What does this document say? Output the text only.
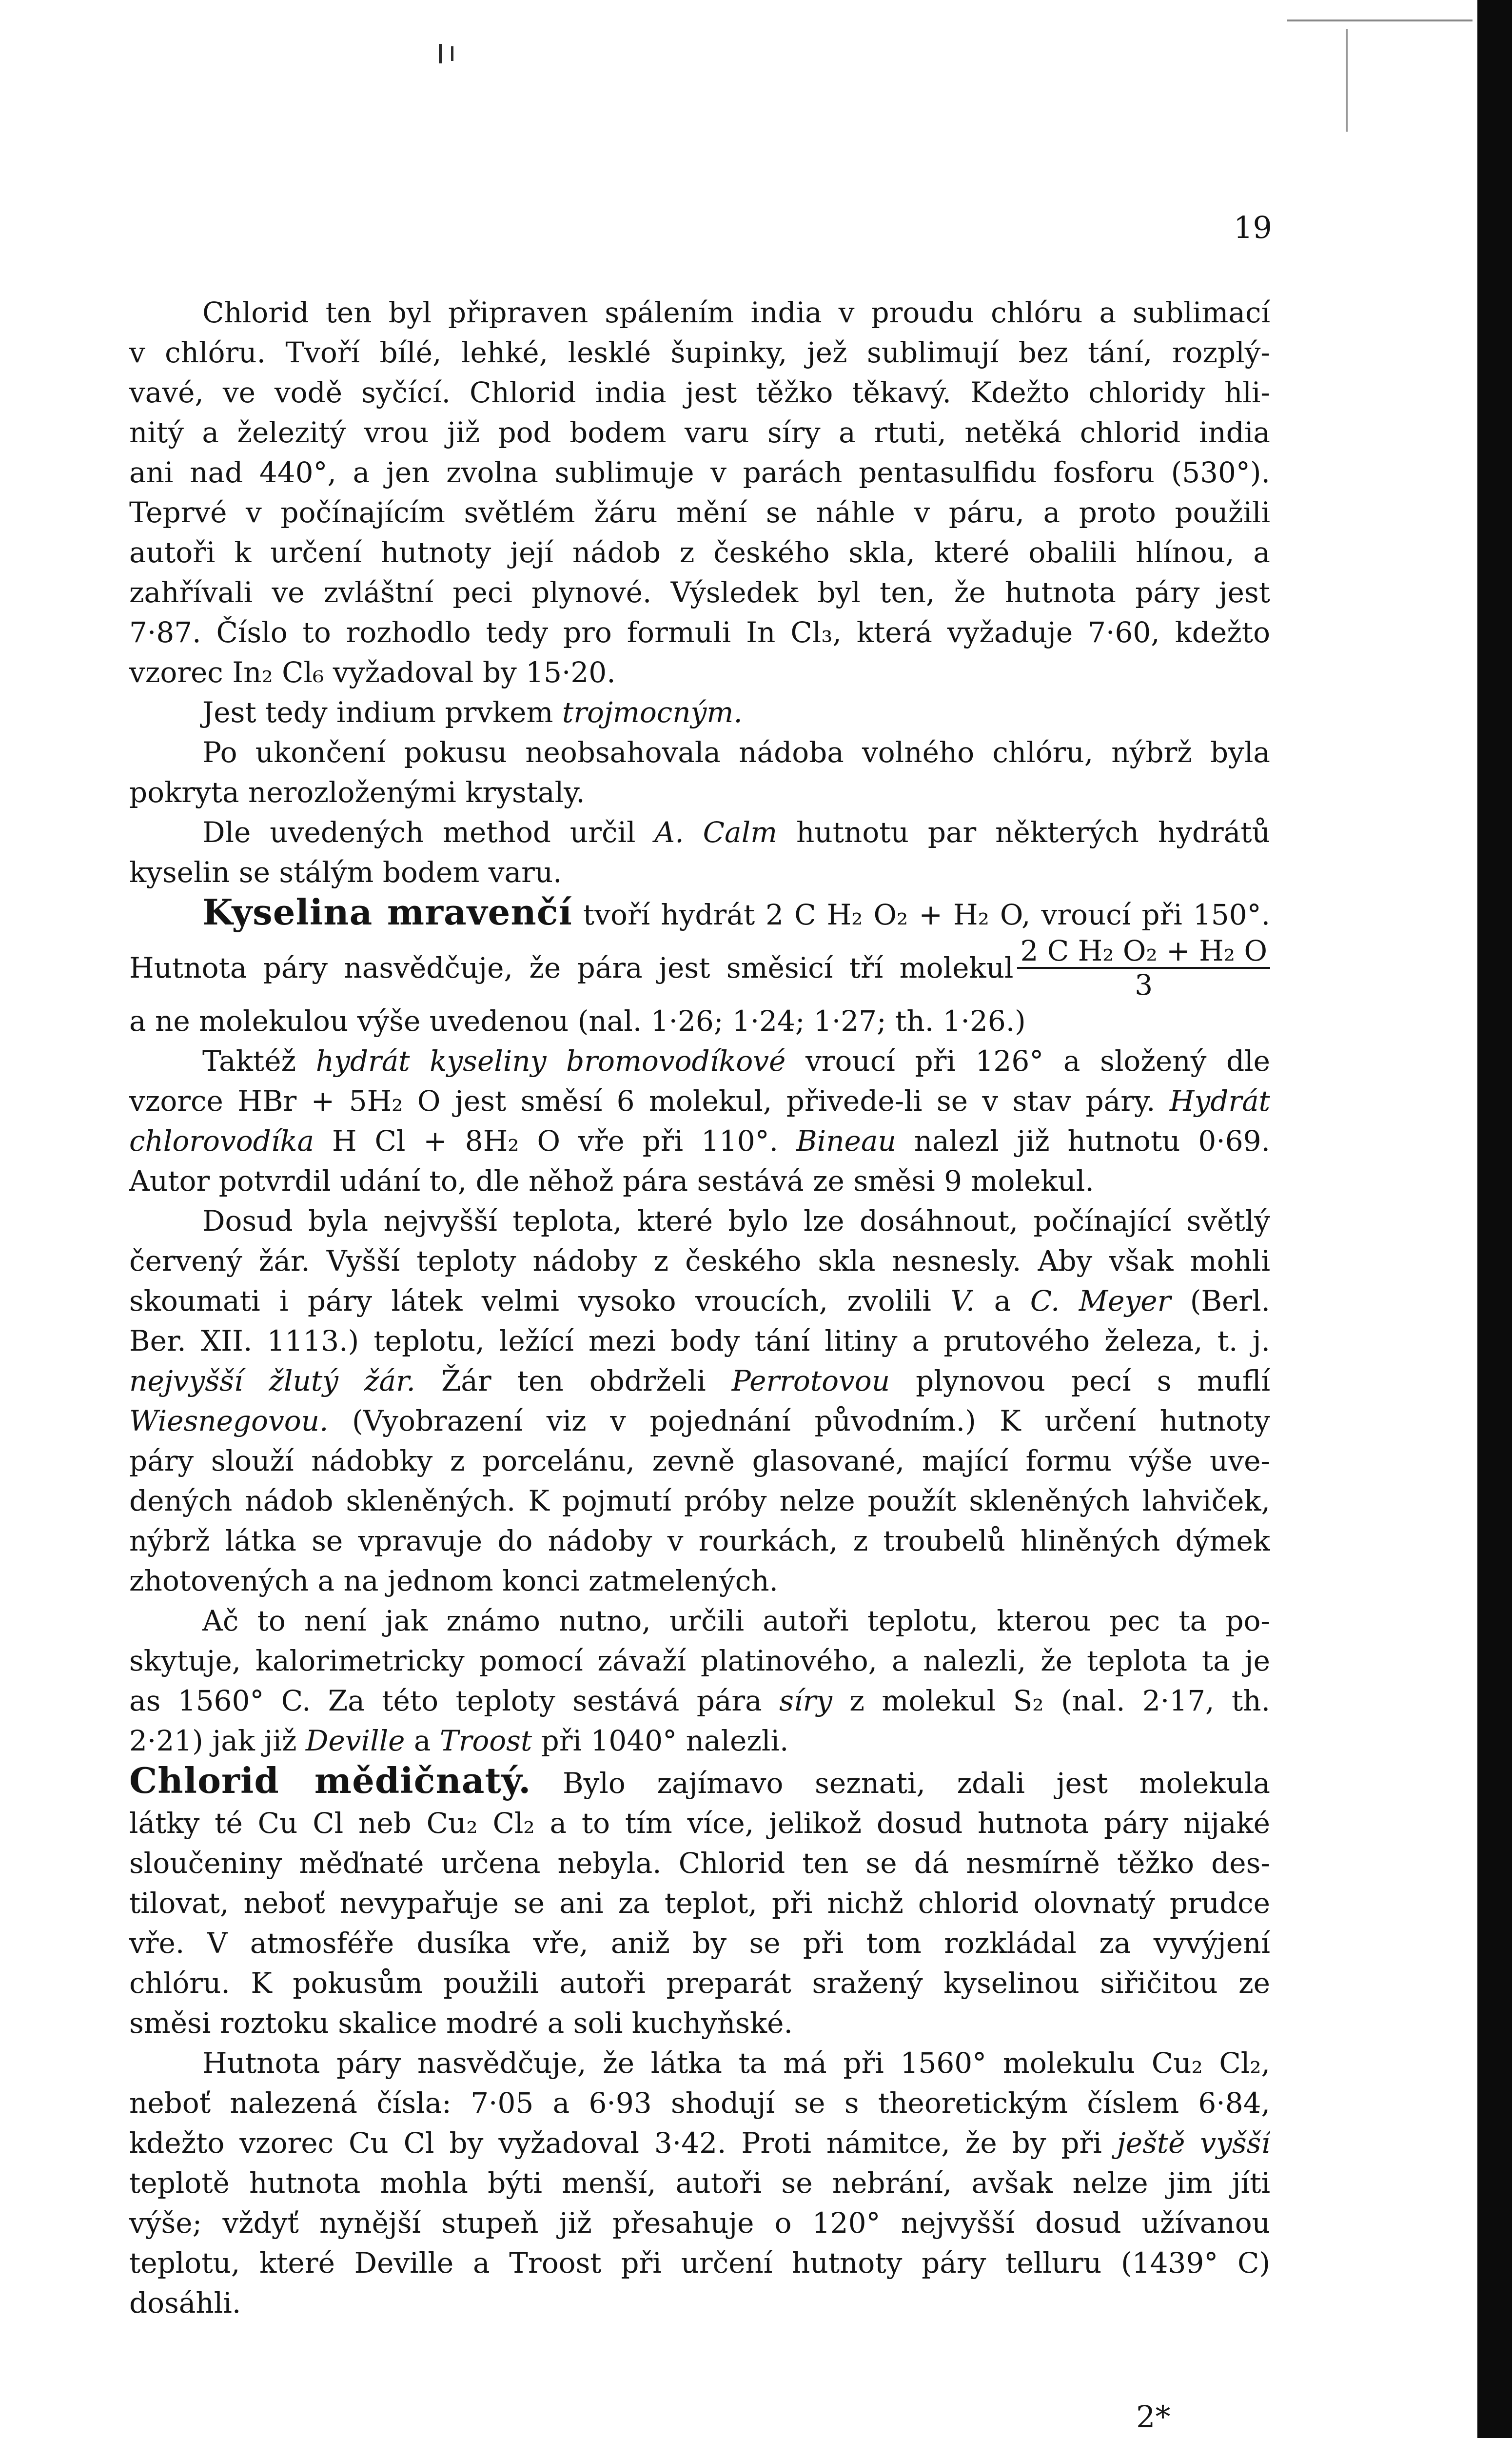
19
Chlorid ten byl připraven spálením india v proudu chlóru a sublimací
v chlóru. Tvoří bílé, lehké, lesklé šupinky, jež sublimují bez tání, rozplý-
vavé, ve vodě syčící. Chlorid india jest těžko těkavý. Kdežto chloridy hli-
nitý a železitý vrou již pod bodem varu síry a rtuti, netěká chlorid india
ani nad 440°, a jen zvolna sublimuje v parách pentasulfidu fosforu (530°).
Teprvé v počínajícím světlém žáru mění se náhle v páru, a proto použili
autoři k určení hutnoty její nádob z českého skla, které obalili hlínou, a
zahřívali ve zvláštní peci plynové. Výsledek byl ten, že hutnota páry jest
7·87. Číslo to rozhodlo tedy pro formuli In Cl₃, která vyžaduje 7·60, kdežto
vzorec In₂ Cl₆ vyžadoval by 15·20.
Jest tedy indium prvkem trojmocným.
Po ukončení pokusu neobsahovala nádoba volného chlóru, nýbrž byla
pokryta nerozloženými krystaly.
Dle uvedených method určil A. Calm hutnotu par některých hydrátů
kyselin se stálým bodem varu.
Kyselina mravenčí tvoří hydrát 2 C H₂ O₂ + H₂ O, vroucí při 150°.
Hutnota páry nasvědčuje, že pára jest směsicí tří molekul $\frac{\text{2 C H₂ O₂ + H₂ O}}{3}$
a ne molekulou výše uvedenou (nal. 1·26; 1·24; 1·27; th. 1·26.)
Taktéž hydrát kyseliny bromovodíkové vroucí při 126° a složený dle
vzorce HBr + 5H₂ O jest směsí 6 molekul, přivede-li se v stav páry. Hydrát
chlorovodíka H Cl + 8H₂ O vře při 110°. Bineau nalezl již hutnotu 0·69.
Autor potvrdil udání to, dle něhož pára sestává ze směsi 9 molekul.
Dosud byla nejvyšší teplota, které bylo lze dosáhnout, počínající světlý
červený žár. Vyšší teploty nádoby z českého skla nesnesly. Aby však mohli
skoumati i páry látek velmi vysoko vroucích, zvolili V. a C. Meyer (Berl.
Ber. XII. 1113.) teplotu, ležící mezi body tání litiny a prutového železa, t. j.
nejvyšší žlutý žár. Žár ten obdrželi Perrotovou plynovou pecí s muflí
Wiesnegovou. (Vyobrazení viz v pojednání původním.) K určení hutnoty
páry slouží nádobky z porcelánu, zevně glasované, mající formu výše uve-
dených nádob skleněných. K pojmutí próby nelze použít skleněných lahviček,
nýbrž látka se vpravuje do nádoby v rourkách, z troubelů hliněných dýmek
zhotovených a na jednom konci zatmelených.
Ač to není jak známo nutno, určili autoři teplotu, kterou pec ta po-
skytuje, kalorimetricky pomocí závaží platinového, a nalezli, že teplota ta je
as 1560° C. Za této teploty sestává pára síry z molekul S₂ (nal. 2·17, th.
2·21) jak již Deville a Troost při 1040° nalezli.
Chlorid mědičnatý. Bylo zajímavo seznati, zdali jest molekula
látky té Cu Cl neb Cu₂ Cl₂ a to tím více, jelikož dosud hutnota páry nijaké
sloučeniny měďnaté určena nebyla. Chlorid ten se dá nesmírně těžko des-
tilovat, neboť nevypařuje se ani za teplot, při nichž chlorid olovnatý prudce
vře. V atmosféře dusíka vře, aniž by se při tom rozkládal za vyvýjení
chlóru. K pokusům použili autoři preparát sražený kyselinou siřičitou ze
směsi roztoku skalice modré a soli kuchyňské.
Hutnota páry nasvědčuje, že látka ta má při 1560° molekulu Cu₂ Cl₂,
neboť nalezená čísla: 7·05 a 6·93 shodují se s theoretickým číslem 6·84,
kdežto vzorec Cu Cl by vyžadoval 3·42. Proti námitce, že by při ještě vyšší
teplotě hutnota mohla býti menší, autoři se nebrání, avšak nelze jim jíti
výše; vždyť nynější stupeň již přesahuje o 120° nejvyšší dosud užívanou
teplotu, které Deville a Troost při určení hutnoty páry telluru (1439° C)
dosáhli.
2*
